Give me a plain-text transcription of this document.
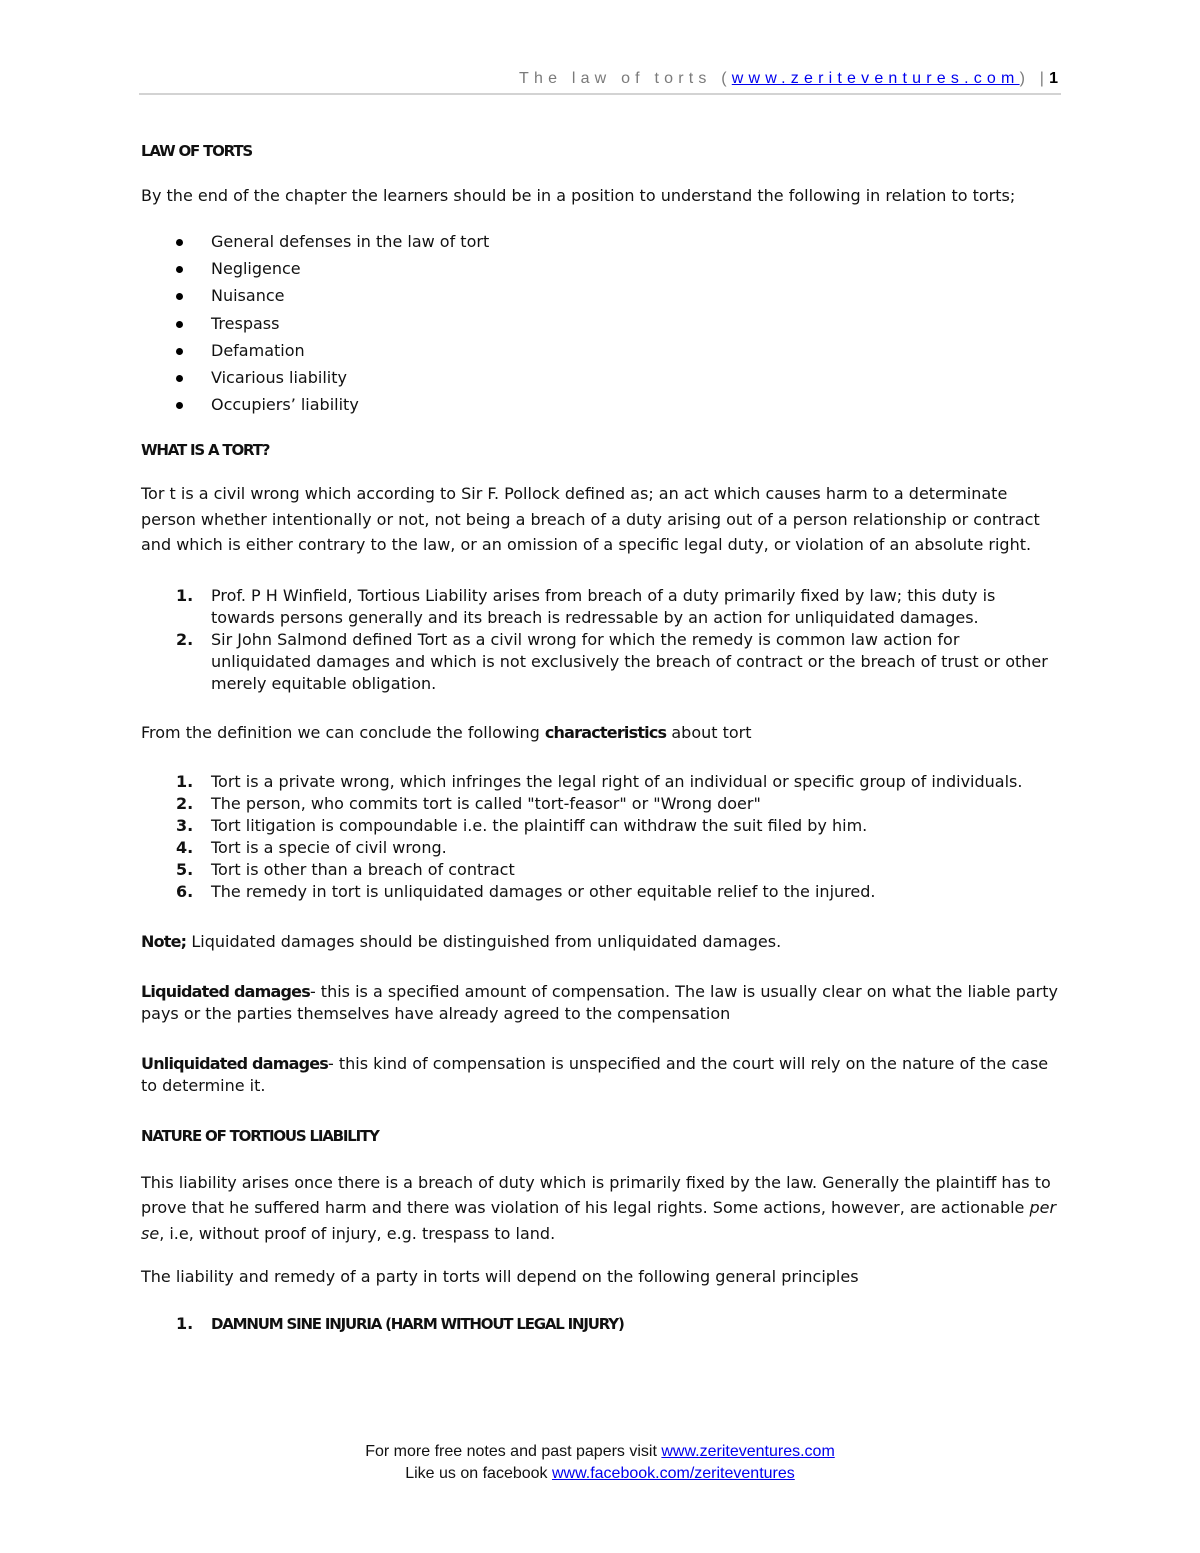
The law of torts (www.zeriteventures.com) |1

LAW OF TORTS

By the end of the chapter the learners should be in a position to understand the following in relation to torts;

General defenses in the law of tort
Negligence
Nuisance
Trespass
Defamation
Vicarious liability
Occupiers’ liability

WHAT IS A TORT?

Tor t is a civil wrong which according to Sir F. Pollock defined as; an act which causes harm to a determinate person whether intentionally or not, not being a breach of a duty arising out of a person relationship or contract and which is either contrary to the law, or an omission of a specific legal duty, or violation of an absolute right.

1. Prof. P H Winfield, Tortious Liability arises from breach of a duty primarily fixed by law; this duty is towards persons generally and its breach is redressable by an action for unliquidated damages.
2. Sir John Salmond defined Tort as a civil wrong for which the remedy is common law action for unliquidated damages and which is not exclusively the breach of contract or the breach of trust or other merely equitable obligation.

From the definition we can conclude the following characteristics about tort

1. Tort is a private wrong, which infringes the legal right of an individual or specific group of individuals.
2. The person, who commits tort is called "tort-feasor" or "Wrong doer"
3. Tort litigation is compoundable i.e. the plaintiff can withdraw the suit filed by him.
4. Tort is a specie of civil wrong.
5. Tort is other than a breach of contract
6. The remedy in tort is unliquidated damages or other equitable relief to the injured.

Note; Liquidated damages should be distinguished from unliquidated damages.

Liquidated damages- this is a specified amount of compensation. The law is usually clear on what the liable party pays or the parties themselves have already agreed to the compensation

Unliquidated damages- this kind of compensation is unspecified and the court will rely on the nature of the case to determine it.

NATURE OF TORTIOUS LIABILITY

This liability arises once there is a breach of duty which is primarily fixed by the law. Generally the plaintiff has to prove that he suffered harm and there was violation of his legal rights. Some actions, however, are actionable per se, i.e, without proof of injury, e.g. trespass to land.

The liability and remedy of a party in torts will depend on the following general principles

1. DAMNUM SINE INJURIA (HARM WITHOUT LEGAL INJURY)
For more free notes and past papers visit www.zeriteventures.com
Like us on facebook www.facebook.com/zeriteventures
